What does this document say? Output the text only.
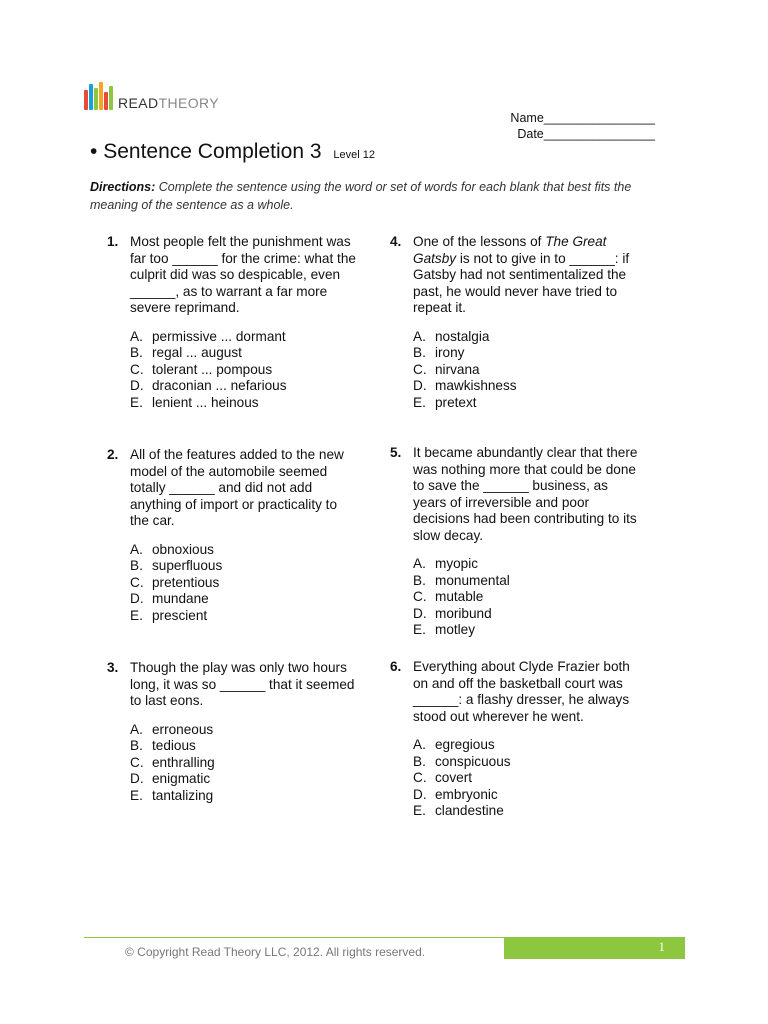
READTHEORY
Name________________
Date________________
• Sentence Completion 3 Level 12
Directions: Complete the sentence using the word or set of words for each blank that best fits the meaning of the sentence as a whole.
1. Most people felt the punishment was far too ______ for the crime: what the culprit did was so despicable, even ______, as to warrant a far more severe reprimand.
A. permissive ... dormant
B. regal ... august
C. tolerant ... pompous
D. draconian ... nefarious
E. lenient ... heinous
2. All of the features added to the new model of the automobile seemed totally ______ and did not add anything of import or practicality to the car.
A. obnoxious
B. superfluous
C. pretentious
D. mundane
E. prescient
3. Though the play was only two hours long, it was so ______ that it seemed to last eons.
A. erroneous
B. tedious
C. enthralling
D. enigmatic
E. tantalizing
4. One of the lessons of The Great Gatsby is not to give in to ______: if Gatsby had not sentimentalized the past, he would never have tried to repeat it.
A. nostalgia
B. irony
C. nirvana
D. mawkishness
E. pretext
5. It became abundantly clear that there was nothing more that could be done to save the ______ business, as years of irreversible and poor decisions had been contributing to its slow decay.
A. myopic
B. monumental
C. mutable
D. moribund
E. motley
6. Everything about Clyde Frazier both on and off the basketball court was ______: a flashy dresser, he always stood out wherever he went.
A. egregious
B. conspicuous
C. covert
D. embryonic
E. clandestine
© Copyright Read Theory LLC, 2012. All rights reserved.	1
